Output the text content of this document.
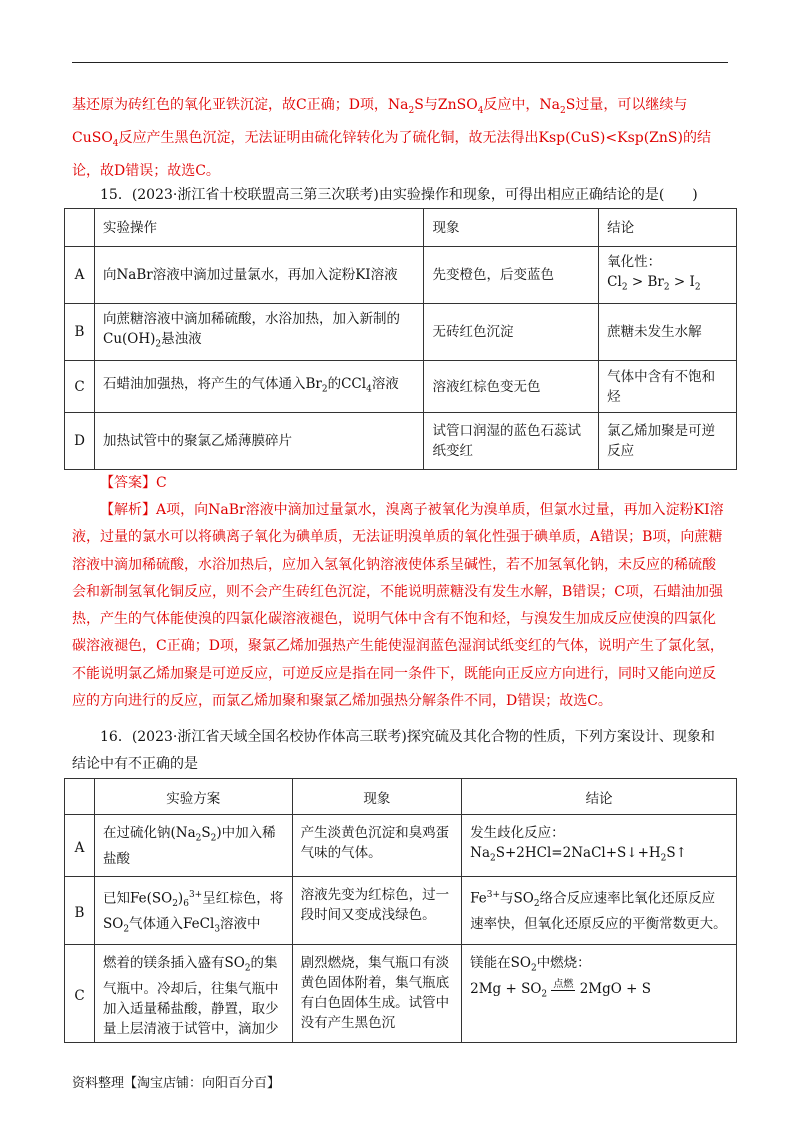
基还原为砖红色的氧化亚铁沉淀，故C正确；D项，$Na_2S$与ZnSO$_4$反应中，$Na_2S$过量，可以继续与CuSO$_4$反应产生黑色沉淀，无法证明由硫化锌转化为了硫化铜，故无法得出Ksp(CuS)<Ksp(ZnS)的结论，故D错误；故选C。
15．(2023·浙江省十校联盟高三第三次联考)由实验操作和现象，可得出相应正确结论的是(　　)
	实验操作	现象	结论
A	向NaBr溶液中滴加过量氯水，再加入淀粉KI溶液	先变橙色，后变蓝色	氧化性：
$Cl_2 > Br_2 > I_2$
B	向蔗糖溶液中滴加稀硫酸，水浴加热，加入新制的$Cu(OH)_2$悬浊液	无砖红色沉淀	蔗糖未发生水解
C	石蜡油加强热，将产生的气体通入$Br_2$的CCl$_4$溶液	溶液红棕色变无色	气体中含有不饱和烃
D	加热试管中的聚氯乙烯薄膜碎片	试管口润湿的蓝色石蕊试纸变红	氯乙烯加聚是可逆反应
【答案】C
【解析】A项，向NaBr溶液中滴加过量氯水，溴离子被氧化为溴单质，但氯水过量，再加入淀粉KI溶液，过量的氯水可以将碘离子氧化为碘单质，无法证明溴单质的氧化性强于碘单质，A错误；B项，向蔗糖溶液中滴加稀硫酸，水浴加热后，应加入氢氧化钠溶液使体系呈碱性，若不加氢氧化钠，未反应的稀硫酸会和新制氢氧化铜反应，则不会产生砖红色沉淀，不能说明蔗糖没有发生水解，B错误；C项，石蜡油加强热，产生的气体能使溴的四氯化碳溶液褪色，说明气体中含有不饱和烃，与溴发生加成反应使溴的四氯化碳溶液褪色，C正确；D项，聚氯乙烯加强热产生能使湿润蓝色湿润试纸变红的气体，说明产生了氯化氢，不能说明氯乙烯加聚是可逆反应，可逆反应是指在同一条件下，既能向正反应方向进行，同时又能向逆反应的方向进行的反应，而氯乙烯加聚和聚氯乙烯加强热分解条件不同，D错误；故选C。
16．(2023·浙江省天域全国名校协作体高三联考)探究硫及其化合物的性质，下列方案设计、现象和结论中有不正确的是
	实验方案	现象	结论
A	在过硫化钠$(Na_2S_2)$中加入稀盐酸	产生淡黄色沉淀和臭鸡蛋气味的气体。	发生歧化反应：
$Na_2S+2HCl=2NaCl+S↓+H_2S↑$
B	已知$Fe(SO_2)_6^{3+}$呈红棕色，将$SO_2$气体通入FeCl$_3$溶液中	溶液先变为红棕色，过一段时间又变成浅绿色。	$Fe^{3+}$与$SO_2$络合反应速率比氧化还原反应速率快，但氧化还原反应的平衡常数更大。
C	燃着的镁条插入盛有$SO_2$的集气瓶中。冷却后，往集气瓶中加入适量稀盐酸，静置，取少量上层清液于试管中，滴加少	剧烈燃烧，集气瓶口有淡黄色固体附着，集气瓶底有白色固体生成。试管中没有产生黑色沉	镁能在$SO_2$中燃烧：
$2Mg + SO_2$
点燃 2MgO + S
资料整理【淘宝店铺：向阳百分百】
